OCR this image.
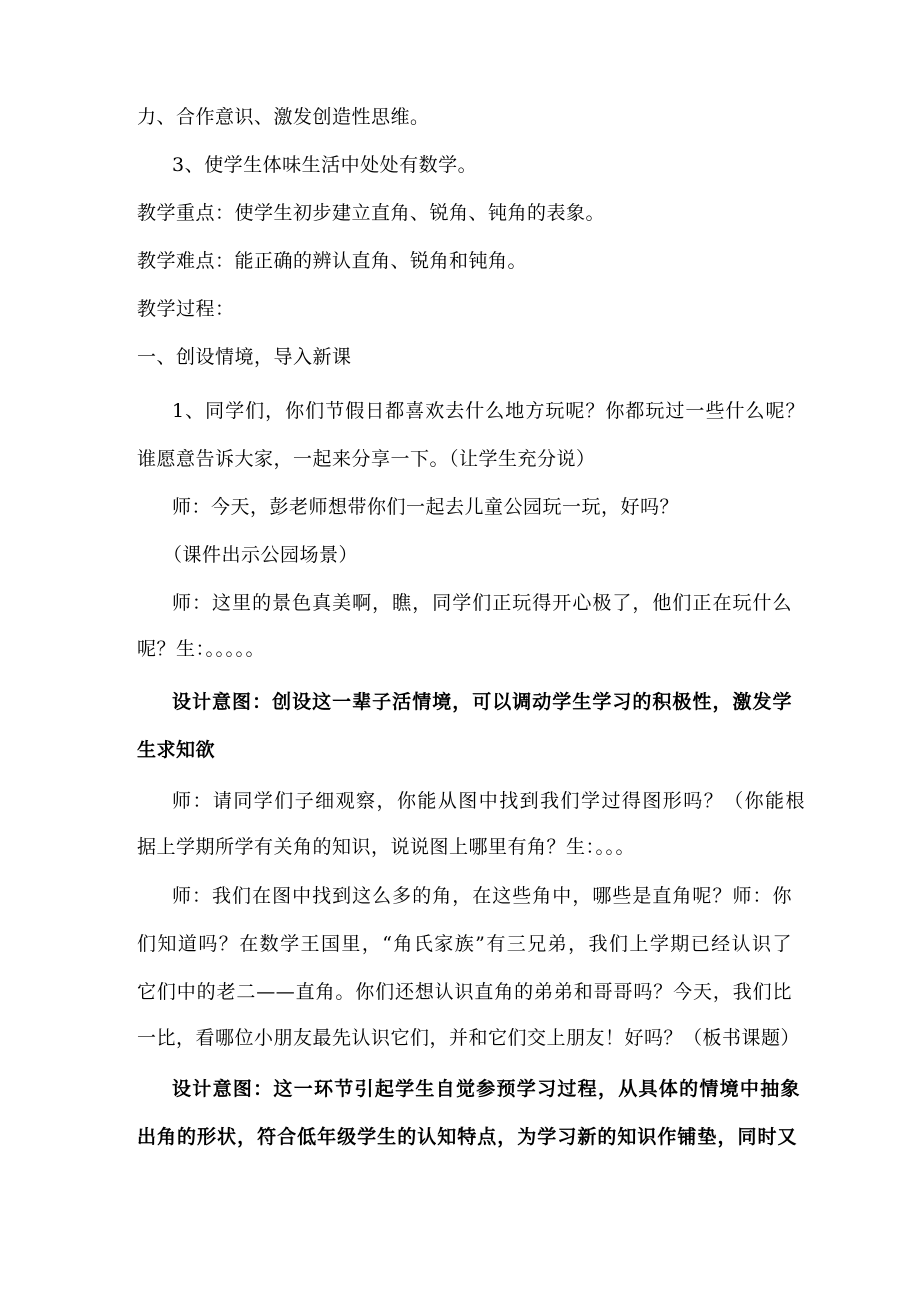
力、合作意识、激发创造性思维。
3、使学生体味生活中处处有数学。
教学重点：使学生初步建立直角、锐角、钝角的表象。
教学难点：能正确的辨认直角、锐角和钝角。
教学过程：
一、创设情境，导入新课
1、同学们，你们节假日都喜欢去什么地方玩呢？你都玩过一些什么呢？
谁愿意告诉大家，一起来分享一下。（让学生充分说）
师：今天，彭老师想带你们一起去儿童公园玩一玩，好吗？
（课件出示公园场景）
师：这里的景色真美啊，瞧，同学们正玩得开心极了，他们正在玩什么
呢？生：。。。。。
设计意图：创设这一辈子活情境，可以调动学生学习的积极性，激发学
生求知欲
师：请同学们子细观察，你能从图中找到我们学过得图形吗？（你能根
据上学期所学有关角的知识，说说图上哪里有角？生：。。。
师：我们在图中找到这么多的角，在这些角中，哪些是直角呢？师：你
们知道吗？在数学王国里，“角氏家族”有三兄弟，我们上学期已经认识了
它们中的老二——直角。你们还想认识直角的弟弟和哥哥吗？今天，我们比
一比，看哪位小朋友最先认识它们，并和它们交上朋友！好吗？（板书课题）
设计意图：这一环节引起学生自觉参预学习过程，从具体的情境中抽象
出角的形状，符合低年级学生的认知特点，为学习新的知识作铺垫，同时又
